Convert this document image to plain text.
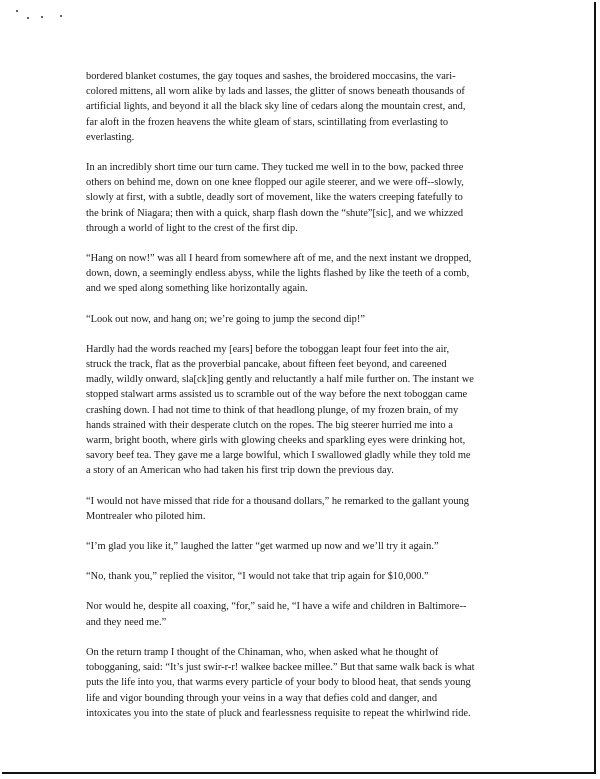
bordered blanket costumes, the gay toques and sashes, the broidered moccasins, the vari-colored mittens, all worn alike by lads and lasses, the glitter of snows beneath thousands of artificial lights, and beyond it all the black sky line of cedars along the mountain crest, and, far aloft in the frozen heavens the white gleam of stars, scintillating from everlasting to everlasting.

In an incredibly short time our turn came. They tucked me well in to the bow, packed three others on behind me, down on one knee flopped our agile steerer, and we were off--slowly, slowly at first, with a subtle, deadly sort of movement, like the waters creeping fatefully to the brink of Niagara; then with a quick, sharp flash down the “shute”[sic], and we whizzed through a world of light to the crest of the first dip.

“Hang on now!” was all I heard from somewhere aft of me, and the next instant we dropped, down, down, a seemingly endless abyss, while the lights flashed by like the teeth of a comb, and we sped along something like horizontally again.

“Look out now, and hang on; we’re going to jump the second dip!”

Hardly had the words reached my [ears] before the toboggan leapt four feet into the air, struck the track, flat as the proverbial pancake, about fifteen feet beyond, and careened madly, wildly onward, sla[ck]ing gently and reluctantly a half mile further on. The instant we stopped stalwart arms assisted us to scramble out of the way before the next toboggan came crashing down. I had not time to think of that headlong plunge, of my frozen brain, of my hands strained with their desperate clutch on the ropes. The big steerer hurried me into a warm, bright booth, where girls with glowing cheeks and sparkling eyes were drinking hot, savory beef tea. They gave me a large bowlful, which I swallowed gladly while they told me a story of an American who had taken his first trip down the previous day.

“I would not have missed that ride for a thousand dollars,” he remarked to the gallant young Montrealer who piloted him.

“I’m glad you like it,” laughed the latter “get warmed up now and we’ll try it again.”

“No, thank you,” replied the visitor, “I would not take that trip again for $10,000.”

Nor would he, despite all coaxing, “for,” said he, “I have a wife and children in Baltimore--and they need me.”

On the return tramp I thought of the Chinaman, who, when asked what he thought of tobogganing, said: “It’s just swir-r-r! walkee backee millee.” But that same walk back is what puts the life into you, that warms every particle of your body to blood heat, that sends young life and vigor bounding through your veins in a way that defies cold and danger, and intoxicates you into the state of pluck and fearlessness requisite to repeat the whirlwind ride.
